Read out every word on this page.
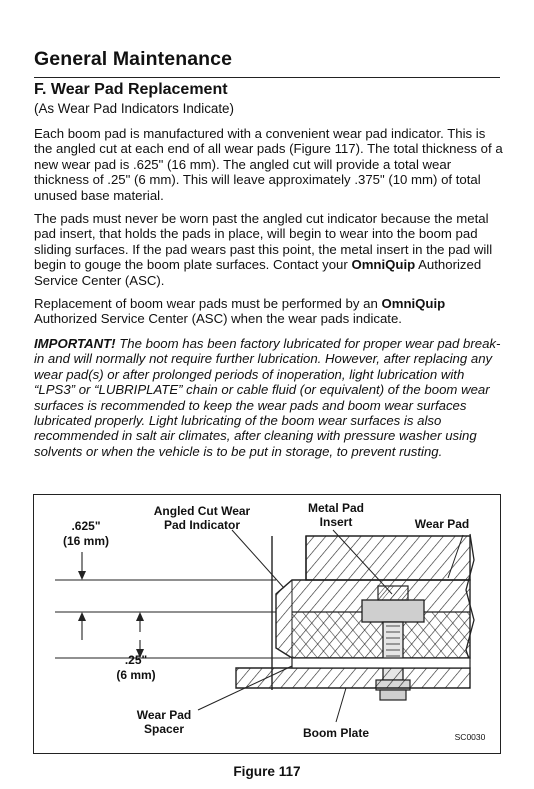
General Maintenance
F. Wear Pad Replacement
(As Wear Pad Indicators Indicate)

Each boom pad is manufactured with a convenient wear pad indicator. This is the angled cut at each end of all wear pads (Figure 117). The total thickness of a new wear pad is .625" (16 mm). The angled cut will provide a total wear thickness of .25" (6 mm). This will leave approximately .375" (10 mm) of total unused base material.

The pads must never be worn past the angled cut indicator because the metal pad insert, that holds the pads in place, will begin to wear into the boom pad sliding surfaces. If the pad wears past this point, the metal insert in the pad will begin to gouge the boom plate surfaces. Contact your OmniQuip Authorized Service Center (ASC).

Replacement of boom wear pads must be performed by an OmniQuip Authorized Service Center (ASC) when the wear pads indicate.

IMPORTANT! The boom has been factory lubricated for proper wear pad break-in and will normally not require further lubrication. However, after replacing any wear pad(s) or after prolonged periods of inoperation, light lubrication with “LPS3” or “LUBRIPLATE” chain or cable fluid (or equivalent) of the boom wear surfaces is recommended to keep the wear pads and boom wear surfaces lubricated properly. Light lubricating of the boom wear surfaces is also recommended in salt air climates, after cleaning with pressure washer using solvents or when the vehicle is to be put in storage, to prevent rusting.

Angled Cut Wear
Pad Indicator
Metal Pad
Insert	Wear Pad
.625"
(16 mm)
.25"
(6 mm)
Wear Pad
Spacer	Boom Plate	SC0030
Figure 117
